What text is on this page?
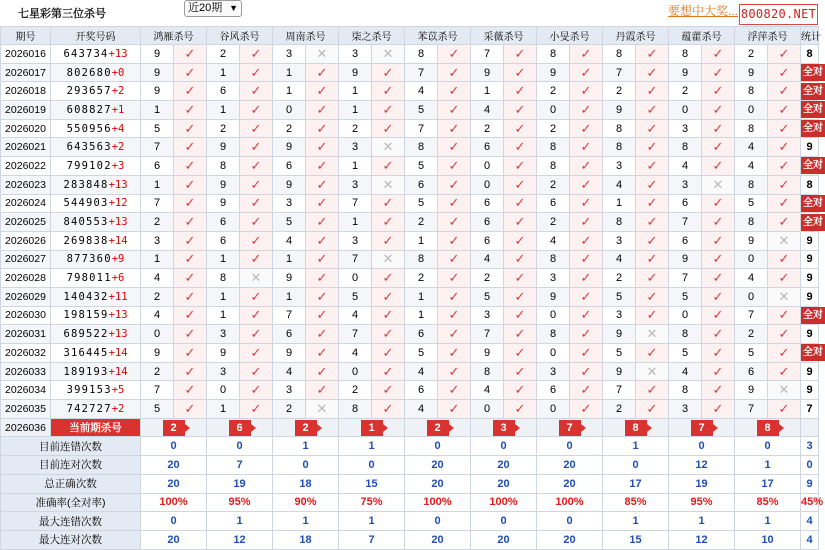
七星彩第三位杀号	近20期 ▼	要想中大奖... 800820.NET
期号	开奖号码	鸿雁杀号		谷风杀号		周南杀号		柒之杀号		苯苡杀号		采薇杀号		小旻杀号		丹霞杀号		蕴藿杀号		浮萍杀号		统计
2026016	643734+13	9	✓	2	✓	3	✕	3	✕	8	✓	7	✓	8	✓	8	✓	8	✓	2	✓	8
2026017	802680+0	9	✓	1	✓	1	✓	9	✓	7	✓	9	✓	9	✓	7	✓	9	✓	9	✓	全对
2026018	293657+2	9	✓	6	✓	1	✓	1	✓	4	✓	1	✓	2	✓	2	✓	2	✓	8	✓	全对
2026019	608827+1	1	✓	1	✓	0	✓	1	✓	5	✓	4	✓	0	✓	9	✓	0	✓	0	✓	全对
2026020	550956+4	5	✓	2	✓	2	✓	2	✓	7	✓	2	✓	2	✓	8	✓	3	✓	8	✓	全对
2026021	643563+2	7	✓	9	✓	9	✓	3	✕	8	✓	6	✓	8	✓	8	✓	8	✓	4	✓	9
2026022	799102+3	6	✓	8	✓	6	✓	1	✓	5	✓	0	✓	8	✓	3	✓	4	✓	4	✓	全对
2026023	283848+13	1	✓	9	✓	9	✓	3	✕	6	✓	0	✓	2	✓	4	✓	3	✕	8	✓	8
2026024	544903+12	7	✓	9	✓	3	✓	7	✓	5	✓	6	✓	6	✓	1	✓	6	✓	5	✓	全对
2026025	840553+13	2	✓	6	✓	5	✓	1	✓	2	✓	6	✓	2	✓	8	✓	7	✓	8	✓	全对
2026026	269838+14	3	✓	6	✓	4	✓	3	✓	1	✓	6	✓	4	✓	3	✓	6	✓	9	✕	9
2026027	877360+9	1	✓	1	✓	1	✓	7	✕	8	✓	4	✓	8	✓	4	✓	9	✓	0	✓	9
2026028	798011+6	4	✓	8	✕	9	✓	0	✓	2	✓	2	✓	3	✓	2	✓	7	✓	4	✓	9
2026029	140432+11	2	✓	1	✓	1	✓	5	✓	1	✓	5	✓	9	✓	5	✓	5	✓	0	✕	9
2026030	198159+13	4	✓	1	✓	7	✓	4	✓	1	✓	3	✓	0	✓	3	✓	0	✓	7	✓	全对
2026031	689522+13	0	✓	3	✓	6	✓	7	✓	6	✓	7	✓	8	✓	9	✕	8	✓	2	✓	9
2026032	316445+14	9	✓	9	✓	9	✓	4	✓	5	✓	9	✓	0	✓	5	✓	5	✓	5	✓	全对
2026033	189193+14	2	✓	3	✓	4	✓	0	✓	4	✓	8	✓	3	✓	9	✕	4	✓	6	✓	9
2026034	399153+5	7	✓	0	✓	3	✓	2	✓	6	✓	4	✓	6	✓	7	✓	8	✓	9	✕	9
2026035	742727+2	5	✓	1	✓	2	✕	8	✓	4	✓	0	✓	0	✓	2	✓	3	✓	7	✓	7
2026036	当前期杀号	2		6		2		1		2		3		7		8		7		8		
目前连错次数		0		0		1		1		0		0		0		1		0		0		3
目前连对次数		20		7		0		0		20		20		20		0		12		1		0
总正确次数		20		19		18		15		20		20		20		17		19		17		9
准确率(全对率)		100%		95%		90%		75%		100%		100%		100%		85%		95%		85%		45%
最大连错次数		0		1		1		1		0		0		0		1		1		1		4
最大连对次数		20		12		18		7		20		20		20		15		12		10		4
